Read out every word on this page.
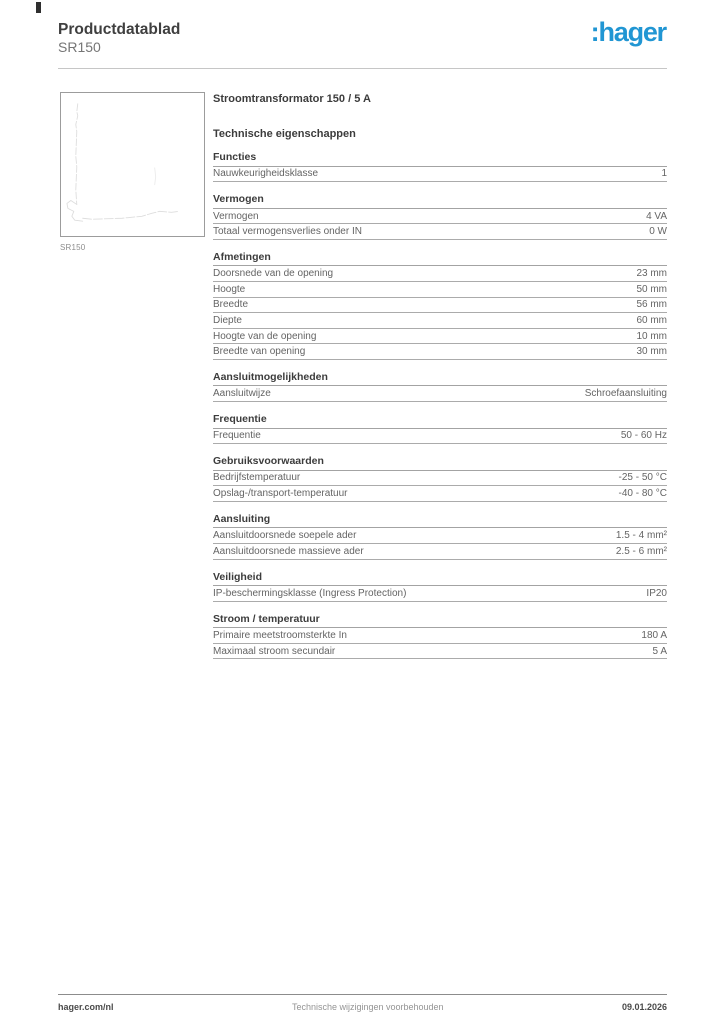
Productdatablad
SR150
:hager
SR150
Stroomtransformator 150 / 5 A
Technische eigenschappen
Functies
Nauwkeurigheidsklasse	1
Vermogen
Vermogen	4 VA
Totaal vermogensverlies onder IN	0 W
Afmetingen
Doorsnede van de opening	23 mm
Hoogte	50 mm
Breedte	56 mm
Diepte	60 mm
Hoogte van de opening	10 mm
Breedte van opening	30 mm
Aansluitmogelijkheden
Aansluitwijze	Schroefaansluiting
Frequentie
Frequentie	50 - 60 Hz
Gebruiksvoorwaarden
Bedrijfstemperatuur	-25 - 50 °C
Opslag-/transport-temperatuur	-40 - 80 °C
Aansluiting
Aansluitdoorsnede soepele ader	1.5 - 4 mm²
Aansluitdoorsnede massieve ader	2.5 - 6 mm²
Veiligheid
IP-beschermingsklasse (Ingress Protection)	IP20
Stroom / temperatuur
Primaire meetstroomsterkte In	180 A
Maximaal stroom secundair	5 A
hager.com/nl	Technische wijzigingen voorbehouden	09.01.2026
